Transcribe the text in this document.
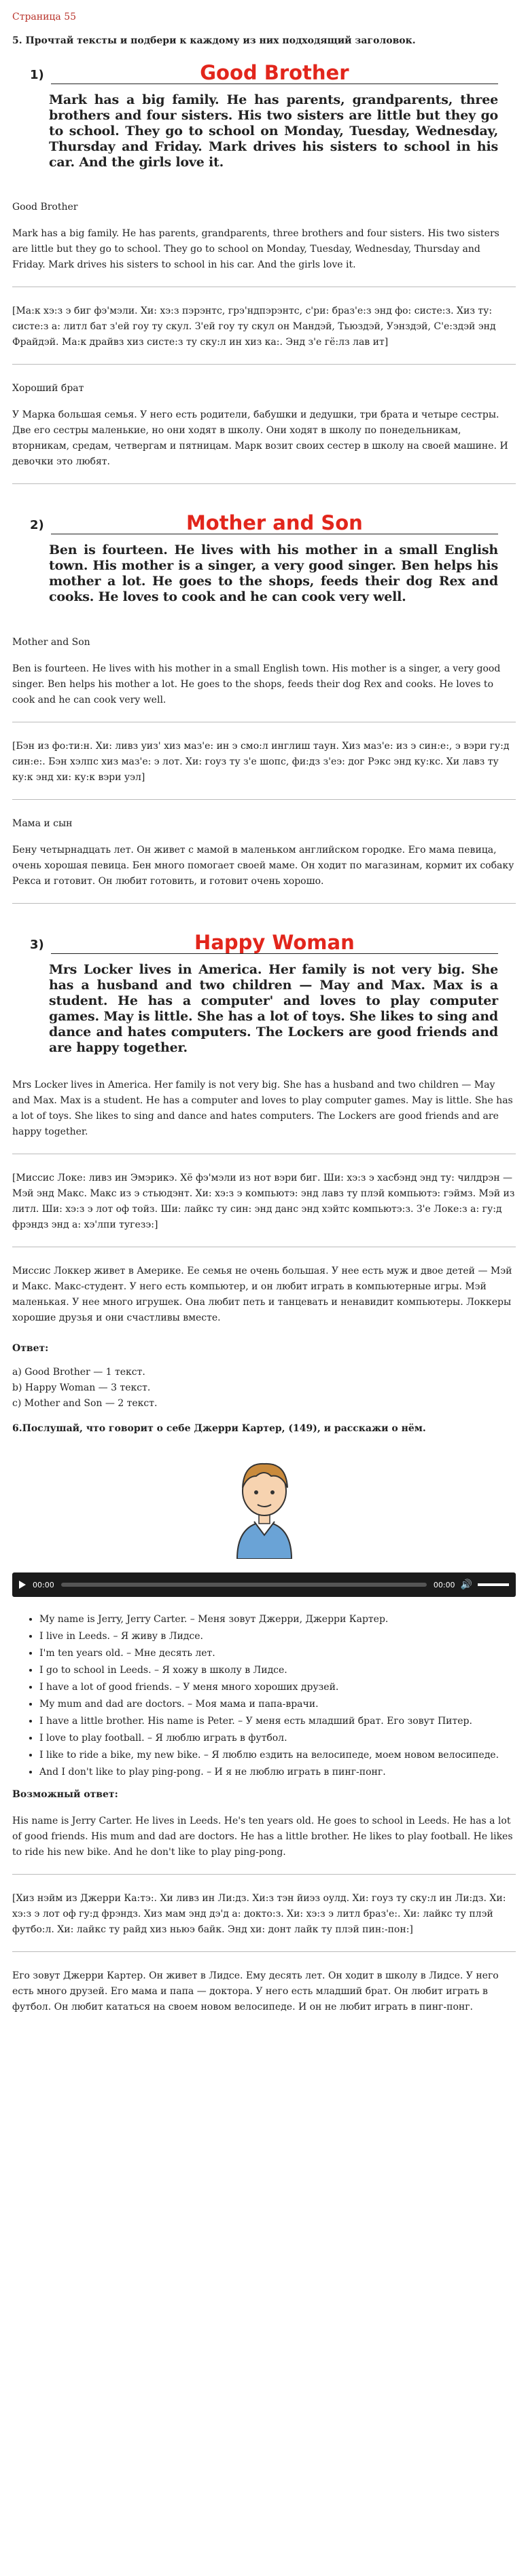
Страница 55
5. Прочтай тексты и подбери к каждому из них подходящий заголовок.
1)	Good Brother
Mark has a big family. He has parents, grandparents, three brothers and four sisters. His two sisters are little but they go to school. They go to school on Monday, Tuesday, Wednesday, Thursday and Friday. Mark drives his sisters to school in his car. And the girls love it.
Good Brother
Mark has a big family. He has parents, grandparents, three brothers and four sisters. His two sisters are little but they go to school. They go to school on Monday, Tuesday, Wednesday, Thursday and Friday. Mark drives his sisters to school in his car. And the girls love it.
[Ма:к хэ:з э биг фэ'мэли. Хи: хэ:з пэрэнтс, грэ'ндпэрэнтс, с'ри: браз'е:з энд фо: систе:з. Хиз ту: систе:з а: литл бат з'ей гоу ту скул. З'ей гоу ту скул он Мандэй, Тьюздэй, Уэнздэй, С'е:здэй энд Фрайдэй. Ма:к драйвз хиз систе:з ту ску:л ин хиз ка:. Энд з'е гё:лз лав ит]
Хороший брат
У Марка большая семья. У него есть родители, бабушки и дедушки, три брата и четыре сестры. Две его сестры маленькие, но они ходят в школу. Они ходят в школу по понедельникам, вторникам, средам, четвергам и пятницам. Марк возит своих сестер в школу на своей машине. И девочки это любят.
2)	Mother and Son
Ben is fourteen. He lives with his mother in a small English town. His mother is a singer, a very good singer. Ben helps his mother a lot. He goes to the shops, feeds their dog Rex and cooks. He loves to cook and he can cook very well.
Mother and Son
Ben is fourteen. He lives with his mother in a small English town. His mother is a singer, a very good singer. Ben helps his mother a lot. He goes to the shops, feeds their dog Rex and cooks. He loves to cook and he can cook very well.
[Бэн из фо:ти:н. Хи: ливз уиз' хиз маз'е: ин э смо:л инглиш таун. Хиз маз'е: из э син:е:, э вэри гу:д син:е:. Бэн хэлпс хиз маз'е: э лот. Хи: гоуз ту з'е шопс, фи:дз з'еэ: дог Рэкс энд ку:кс. Хи лавз ту ку:к энд хи: ку:к вэри уэл]
Мама и сын
Бену четырнадцать лет. Он живет с мамой в маленьком английском городке. Его мама певица, очень хорошая певица. Бен много помогает своей маме. Он ходит по магазинам, кормит их собаку Рекса и готовит. Он любит готовить, и готовит очень хорошо.
3)	Happy Woman
Mrs Locker lives in America. Her family is not very big. She has a husband and two children — May and Max. Max is a student. He has a computer' and loves to play computer games. May is little. She has a lot of toys. She likes to sing and dance and hates computers. The Lockers are good friends and are happy together.
Mrs Locker lives in America. Her family is not very big. She has a husband and two children — May and Max. Max is a student. He has a computer and loves to play computer games. May is little. She has a lot of toys. She likes to sing and dance and hates computers. The Lockers are good friends and are happy together.
[Миссис Локе: ливз ин Эмэрикэ. Хё фэ'мэли из нот вэри биг. Ши: хэ:з э хасбэнд энд ту: чилдрэн — Мэй энд Макс. Макс из э стьюдэнт. Хи: хэ:з э компьютэ: энд лавз ту плэй компьютэ: гэймз. Мэй из литл. Ши: хэ:з э лот оф тойз. Ши: лайкс ту син: энд данс энд хэйтс компьютэ:з. З'е Локе:з а: гу:д фрэндз энд а: хэ'лпи тугезэ:]
Миссис Локкер живет в Америке. Ее семья не очень большая. У нее есть муж и двое детей — Мэй и Макс. Макс-студент. У него есть компьютер, и он любит играть в компьютерные игры. Мэй маленькая. У нее много игрушек. Она любит петь и танцевать и ненавидит компьютеры. Локкеры хорошие друзья и они счастливы вместе.
Ответ:
a) Good Brother — 1 текст.
b) Happy Woman — 3 текст.
c) Mother and Son — 2 текст.
6.Послушай, что говорит о себе Джерри Картер, (149), и расскажи о нём.
00:00	00:00 🔊
• My name is Jerry, Jerry Carter. – Меня зовут Джерри, Джерри Картер.
• I live in Leeds. – Я живу в Лидсе.
• I'm ten years old. – Мне десять лет.
• I go to school in Leeds. – Я хожу в школу в Лидсе.
• I have a lot of good friends. – У меня много хороших друзей.
• My mum and dad are doctors. – Моя мама и папа-врачи.
• I have a little brother. His name is Peter. – У меня есть младший брат. Его зовут Питер.
• I love to play football. – Я люблю играть в футбол.
• I like to ride a bike, my new bike. – Я люблю ездить на велосипеде, моем новом велосипеде.
• And I don't like to play ping-pong. – И я не люблю играть в пинг-понг.
Возможный ответ:
His name is Jerry Carter. He lives in Leeds. He's ten years old. He goes to school in Leeds. He has a lot of good friends. His mum and dad are doctors. He has a little brother. He likes to play football. He likes to ride his new bike. And he don't like to play ping-pong.
[Хиз нэйм из Джерри Ка:тэ:. Хи ливз ин Ли:дз. Хи:з тэн йиэз оулд. Хи: гоуз ту ску:л ин Ли:дз. Хи: хэ:з э лот оф гу:д фрэндз. Хиз мам энд дэ'д а: докто:з. Хи: хэ:з э литл браз'е:. Хи: лайкс ту плэй футбо:л. Хи: лайкс ту райд хиз ньюэ байк. Энд хи: донт лайк ту плэй пин:-пон:]
Его зовут Джерри Картер. Он живет в Лидсе. Ему десять лет. Он ходит в школу в Лидсе. У него есть много друзей. Его мама и папа — доктора. У него есть младший брат. Он любит играть в футбол. Он любит кататься на своем новом велосипеде. И он не любит играть в пинг-понг.
